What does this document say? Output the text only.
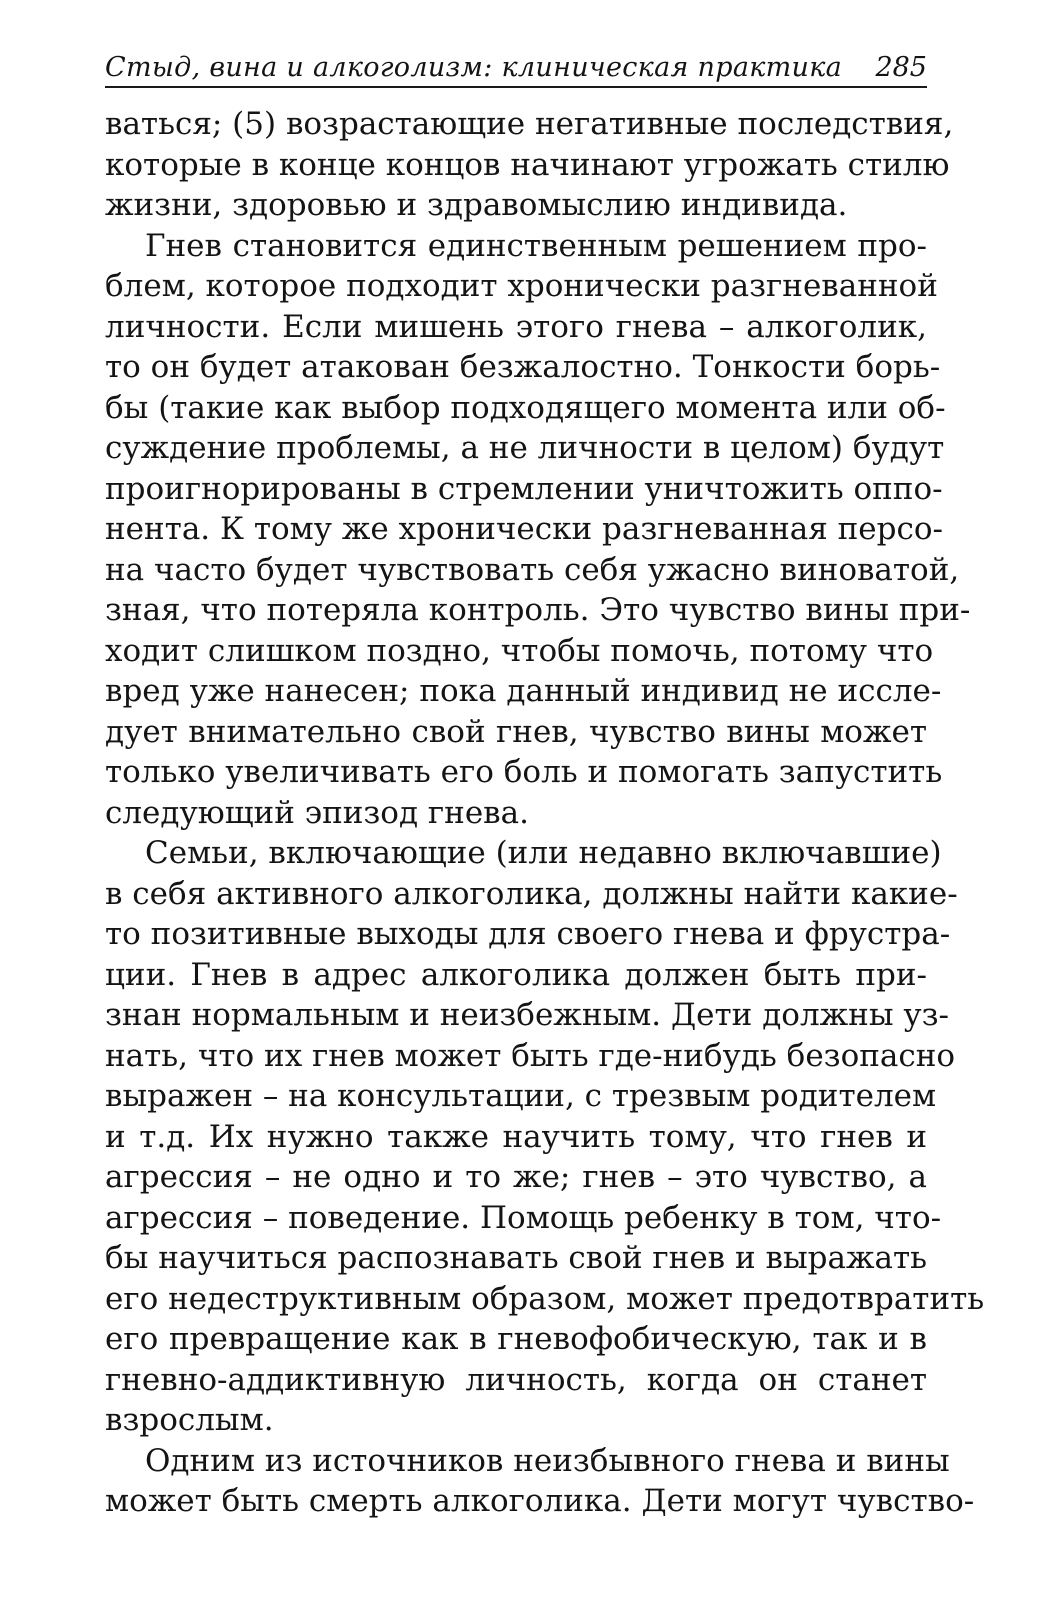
Стыд, вина и алкоголизм: клиническая практика 285
ваться; (5) возрастающие негативные последствия,
которые в конце концов начинают угрожать стилю
жизни, здоровью и здравомыслию индивида.
Гнев становится единственным решением про-
блем, которое подходит хронически разгневанной
личности. Если мишень этого гнева – алкоголик,
то он будет атакован безжалостно. Тонкости борь-
бы (такие как выбор подходящего момента или об-
суждение проблемы, а не личности в целом) будут
проигнорированы в стремлении уничтожить оппо-
нента. К тому же хронически разгневанная персо-
на часто будет чувствовать себя ужасно виноватой,
зная, что потеряла контроль. Это чувство вины при-
ходит слишком поздно, чтобы помочь, потому что
вред уже нанесен; пока данный индивид не иссле-
дует внимательно свой гнев, чувство вины может
только увеличивать его боль и помогать запустить
следующий эпизод гнева.
Семьи, включающие (или недавно включавшие)
в себя активного алкоголика, должны найти какие-
то позитивные выходы для своего гнева и фрустра-
ции. Гнев в адрес алкоголика должен быть при-
знан нормальным и неизбежным. Дети должны уз-
нать, что их гнев может быть где-нибудь безопасно
выражен – на консультации, с трезвым родителем
и т.д. Их нужно также научить тому, что гнев и
агрессия – не одно и то же; гнев – это чувство, а
агрессия – поведение. Помощь ребенку в том, что-
бы научиться распознавать свой гнев и выражать
его недеструктивным образом, может предотвратить
его превращение как в гневофобическую, так и в
гневно-аддиктивную личность, когда он станет
взрослым.
Одним из источников неизбывного гнева и вины
может быть смерть алкоголика. Дети могут чувство-
